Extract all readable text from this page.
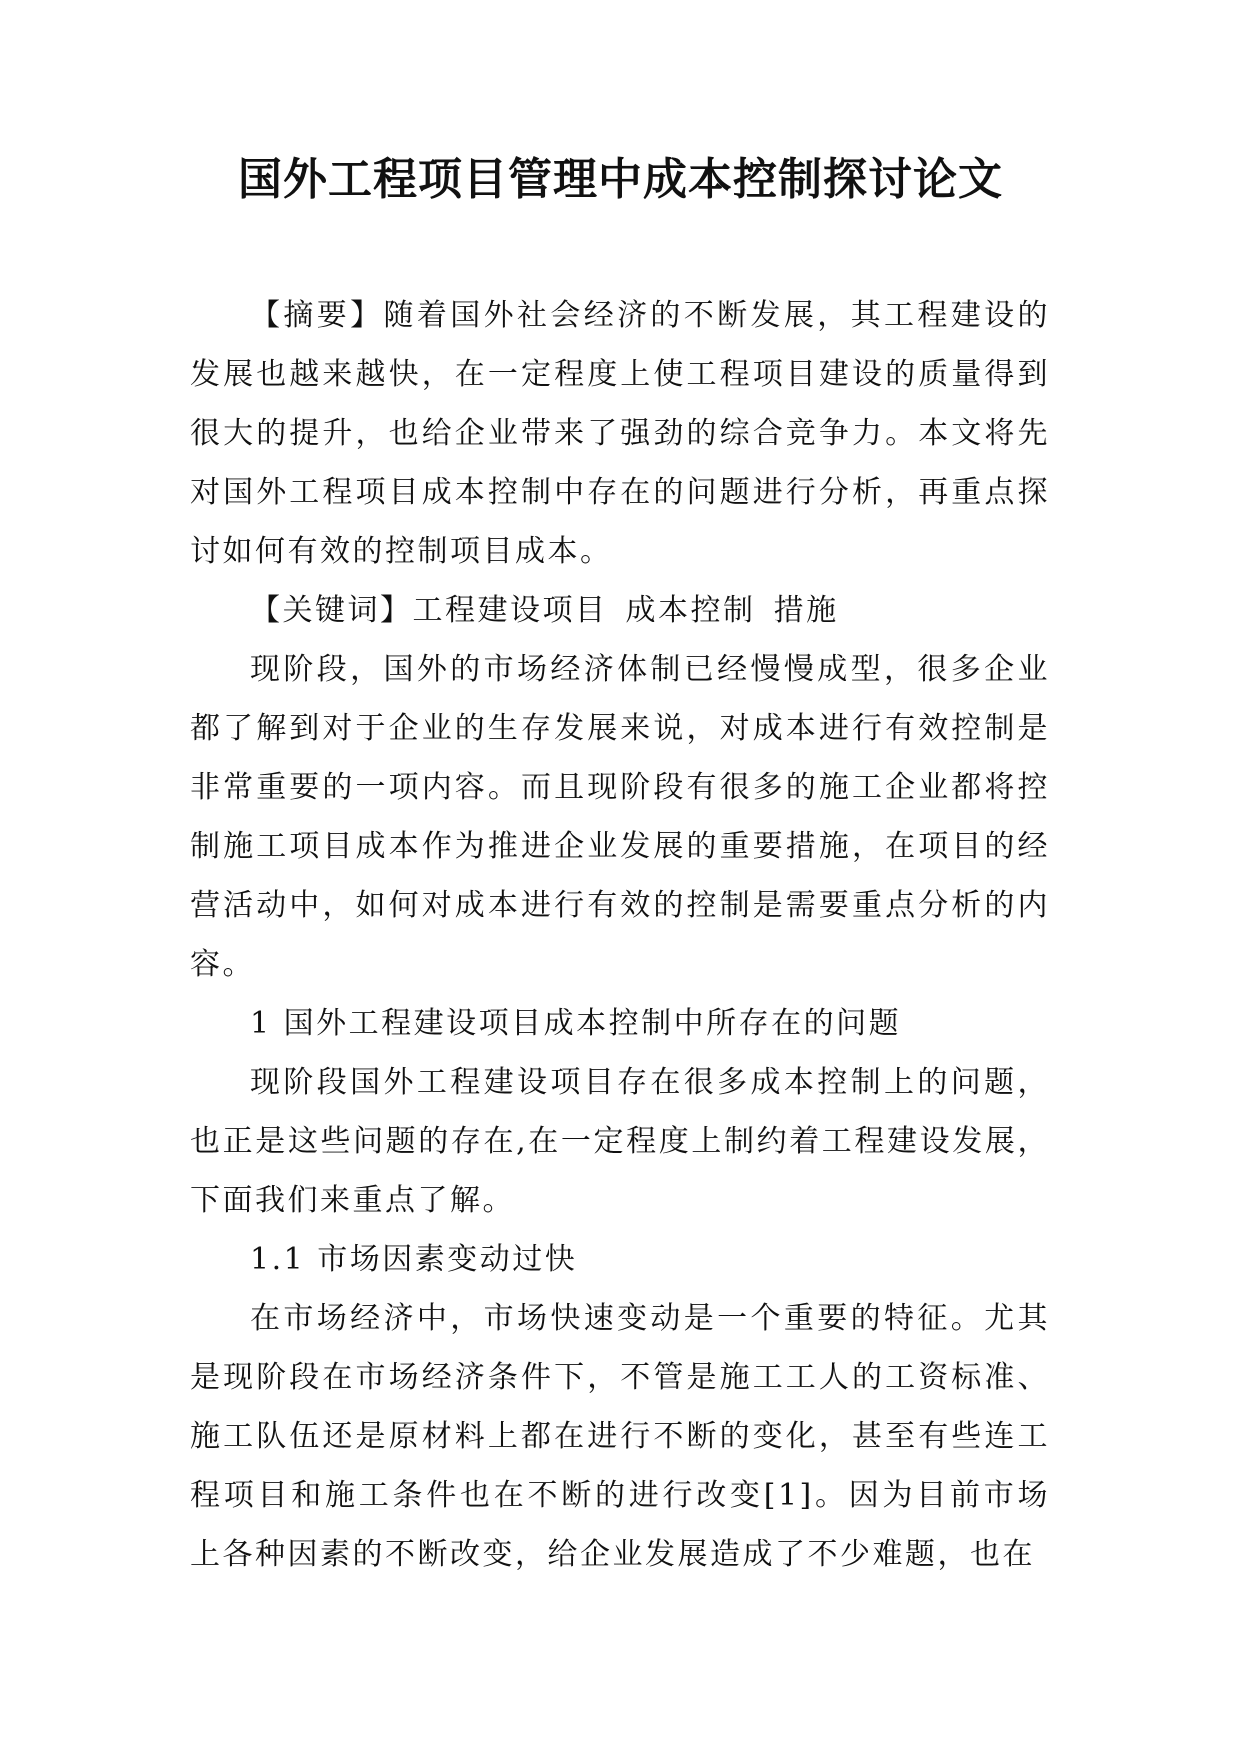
国外工程项目管理中成本控制探讨论文

【摘要】随着国外社会经济的不断发展，其工程建设的发展也越来越快，在一定程度上使工程项目建设的质量得到很大的提升，也给企业带来了强劲的综合竞争力。本文将先对国外工程项目成本控制中存在的问题进行分析，再重点探讨如何有效的控制项目成本。

【关键词】工程建设项目 成本控制 措施

现阶段，国外的市场经济体制已经慢慢成型，很多企业都了解到对于企业的生存发展来说，对成本进行有效控制是非常重要的一项内容。而且现阶段有很多的施工企业都将控制施工项目成本作为推进企业发展的重要措施，在项目的经营活动中，如何对成本进行有效的控制是需要重点分析的内容。

1 国外工程建设项目成本控制中所存在的问题

现阶段国外工程建设项目存在很多成本控制上的问题，也正是这些问题的存在,在一定程度上制约着工程建设发展，下面我们来重点了解。

1.1 市场因素变动过快

在市场经济中，市场快速变动是一个重要的特征。尤其是现阶段在市场经济条件下，不管是施工工人的工资标准、施工队伍还是原材料上都在进行不断的变化，甚至有些连工程项目和施工条件也在不断的进行改变[1]。因为目前市场上各种因素的不断改变，给企业发展造成了不少难题，也在
